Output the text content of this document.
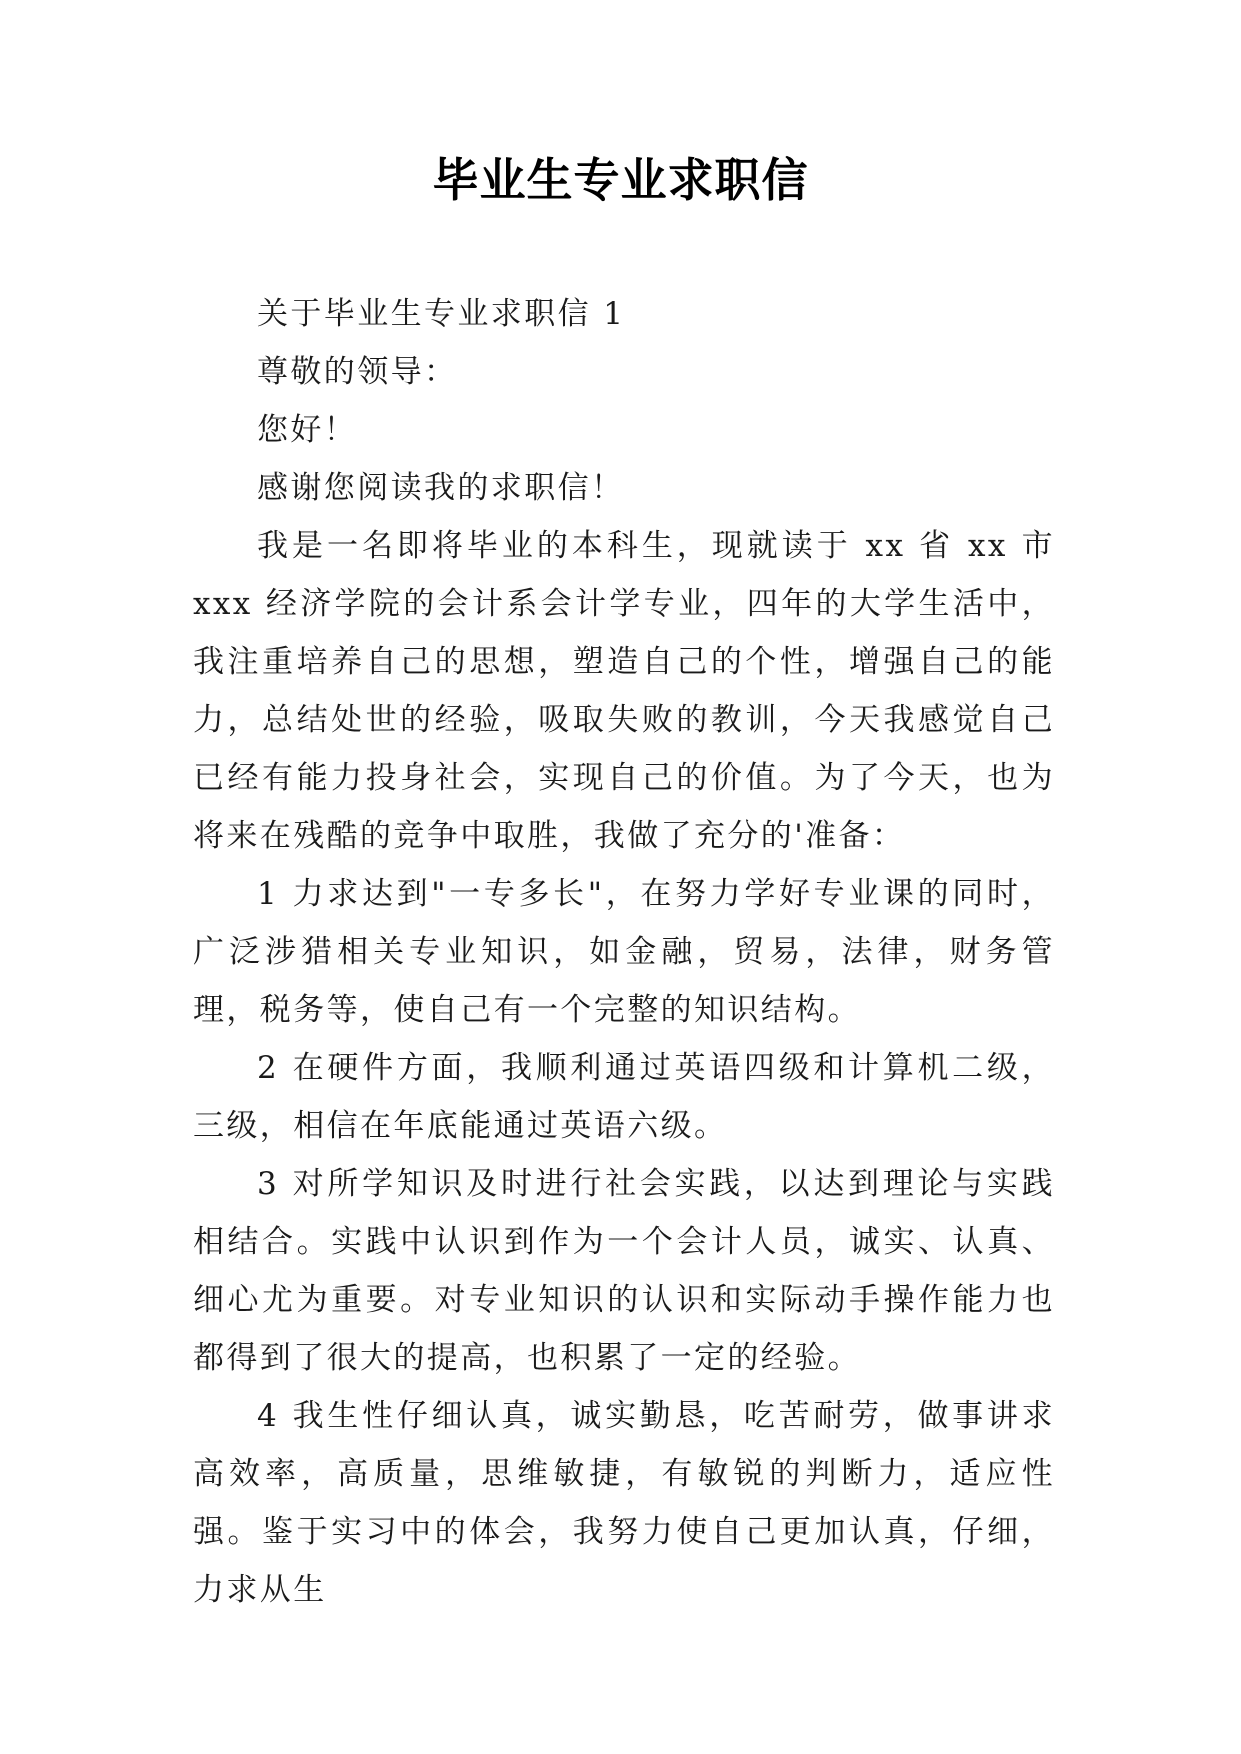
毕业生专业求职信

关于毕业生专业求职信 1

尊敬的领导：

您好！

感谢您阅读我的求职信！

我是一名即将毕业的本科生，现就读于 xx 省 xx 市 xxx 经济学院的会计系会计学专业，四年的大学生活中，我注重培养自己的思想，塑造自己的个性，增强自己的能力，总结处世的经验，吸取失败的教训，今天我感觉自己已经有能力投身社会，实现自己的价值。为了今天，也为将来在残酷的竞争中取胜，我做了充分的'准备：

1 力求达到"一专多长"，在努力学好专业课的同时，广泛涉猎相关专业知识，如金融，贸易，法律，财务管理，税务等，使自己有一个完整的知识结构。

2 在硬件方面，我顺利通过英语四级和计算机二级，三级，相信在年底能通过英语六级。

3 对所学知识及时进行社会实践，以达到理论与实践相结合。实践中认识到作为一个会计人员，诚实、认真、细心尤为重要。对专业知识的认识和实际动手操作能力也都得到了很大的提高，也积累了一定的经验。

4 我生性仔细认真，诚实勤恳，吃苦耐劳，做事讲求高效率，高质量，思维敏捷，有敏锐的判断力，适应性强。鉴于实习中的体会，我努力使自己更加认真，仔细，力求从生
